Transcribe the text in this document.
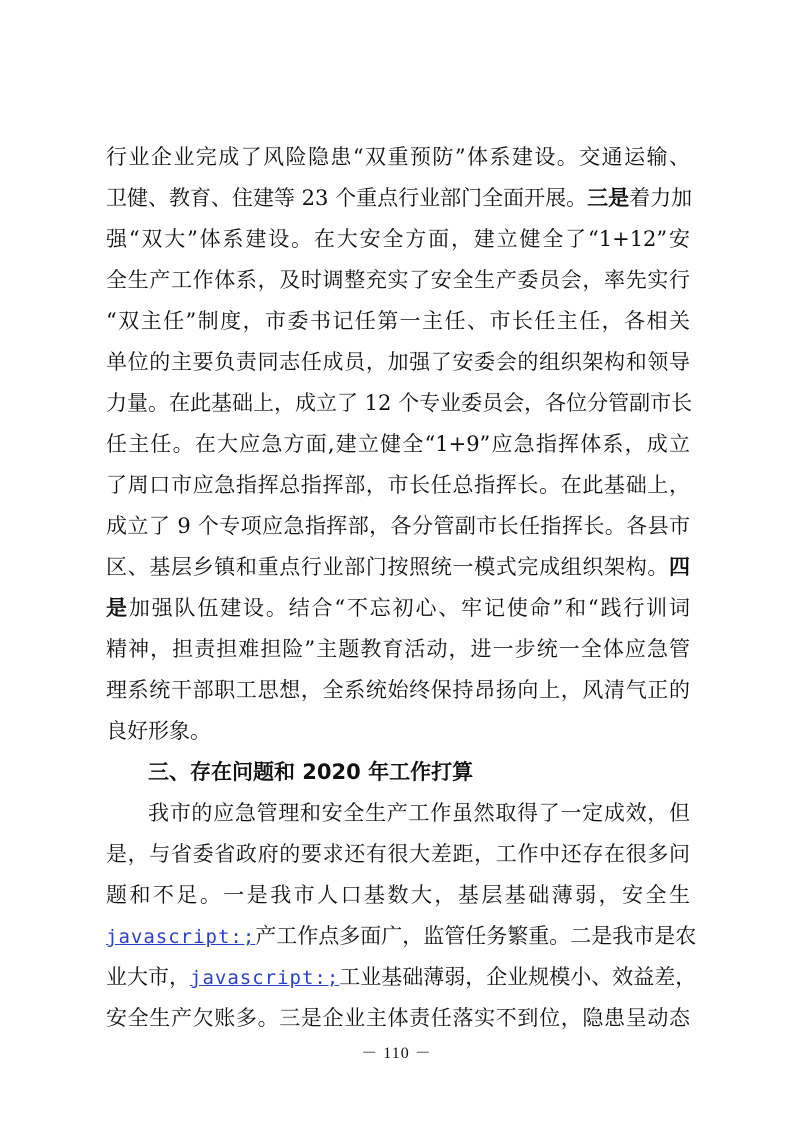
行业企业完成了风险隐患“双重预防”体系建设。交通运输、
卫健、教育、住建等 23 个重点行业部门全面开展。三是着力加
强“双大”体系建设。在大安全方面，建立健全了“1+12”安
全生产工作体系，及时调整充实了安全生产委员会，率先实行
“双主任”制度，市委书记任第一主任、市长任主任，各相关
单位的主要负责同志任成员，加强了安委会的组织架构和领导
力量。在此基础上，成立了 12 个专业委员会，各位分管副市长
任主任。在大应急方面,建立健全“1+9”应急指挥体系，成立
了周口市应急指挥总指挥部，市长任总指挥长。在此基础上，
成立了 9 个专项应急指挥部，各分管副市长任指挥长。各县市
区、基层乡镇和重点行业部门按照统一模式完成组织架构。四
是加强队伍建设。结合“不忘初心、牢记使命”和“践行训词
精神，担责担难担险”主题教育活动，进一步统一全体应急管
理系统干部职工思想，全系统始终保持昂扬向上，风清气正的
良好形象。
三、存在问题和 2020 年工作打算
我市的应急管理和安全生产工作虽然取得了一定成效，但
是，与省委省政府的要求还有很大差距，工作中还存在很多问
题和不足。一是我市人口基数大，基层基础薄弱，安全生
javascript:;产工作点多面广，监管任务繁重。二是我市是农
业大市，javascript:;工业基础薄弱，企业规模小、效益差，
－ 110 －
安全生产欠账多。三是企业主体责任落实不到位，隐患呈动态
